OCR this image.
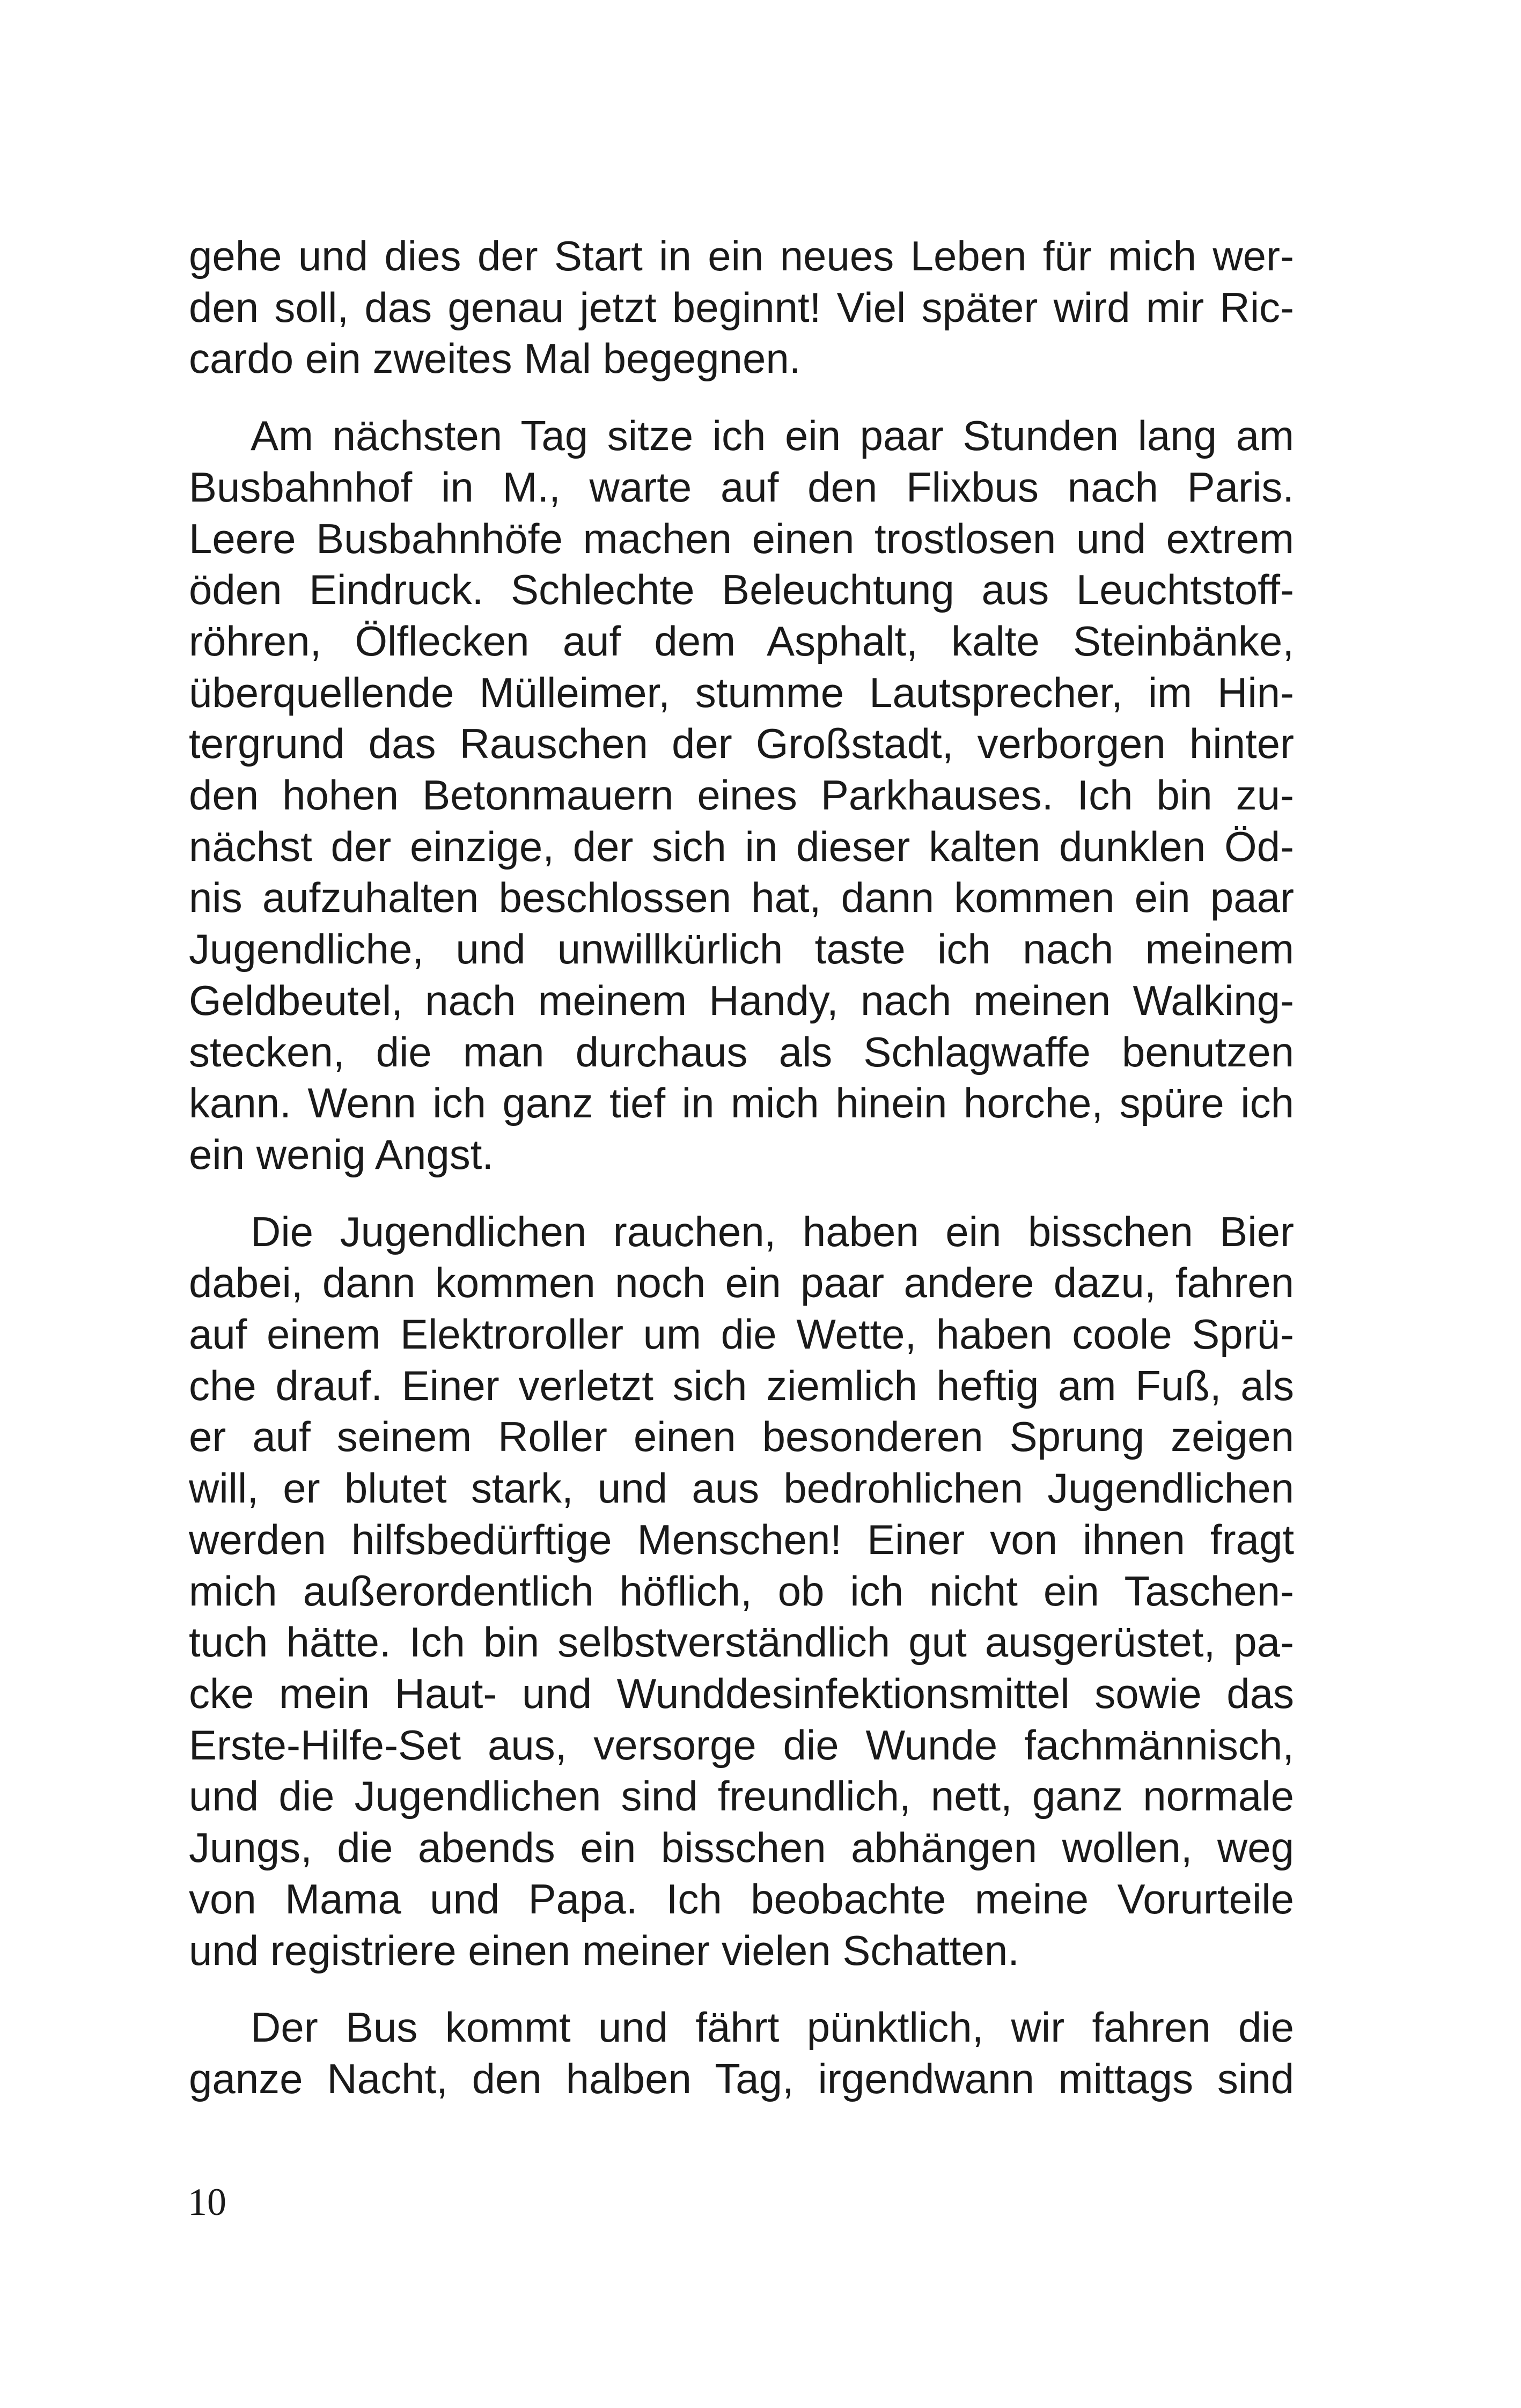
gehe und dies der Start in ein neues Leben für mich wer-
den soll, das genau jetzt beginnt! Viel später wird mir Ric-
cardo ein zweites Mal begegnen.
Am nächsten Tag sitze ich ein paar Stunden lang am
Busbahnhof in M., warte auf den Flixbus nach Paris.
Leere Busbahnhöfe machen einen trostlosen und extrem
öden Eindruck. Schlechte Beleuchtung aus Leuchtstoff-
röhren, Ölflecken auf dem Asphalt, kalte Steinbänke,
überquellende Mülleimer, stumme Lautsprecher, im Hin-
tergrund das Rauschen der Großstadt, verborgen hinter
den hohen Betonmauern eines Parkhauses. Ich bin zu-
nächst der einzige, der sich in dieser kalten dunklen Öd-
nis aufzuhalten beschlossen hat, dann kommen ein paar
Jugendliche, und unwillkürlich taste ich nach meinem
Geldbeutel, nach meinem Handy, nach meinen Walking-
stecken, die man durchaus als Schlagwaffe benutzen
kann. Wenn ich ganz tief in mich hinein horche, spüre ich
ein wenig Angst.
Die Jugendlichen rauchen, haben ein bisschen Bier
dabei, dann kommen noch ein paar andere dazu, fahren
auf einem Elektroroller um die Wette, haben coole Sprü-
che drauf. Einer verletzt sich ziemlich heftig am Fuß, als
er auf seinem Roller einen besonderen Sprung zeigen
will, er blutet stark, und aus bedrohlichen Jugendlichen
werden hilfsbedürftige Menschen! Einer von ihnen fragt
mich außerordentlich höflich, ob ich nicht ein Taschen-
tuch hätte. Ich bin selbstverständlich gut ausgerüstet, pa-
cke mein Haut- und Wunddesinfektionsmittel sowie das
Erste-Hilfe-Set aus, versorge die Wunde fachmännisch,
und die Jugendlichen sind freundlich, nett, ganz normale
Jungs, die abends ein bisschen abhängen wollen, weg
von Mama und Papa. Ich beobachte meine Vorurteile
und registriere einen meiner vielen Schatten.
Der Bus kommt und fährt pünktlich, wir fahren die
ganze Nacht, den halben Tag, irgendwann mittags sind
10
